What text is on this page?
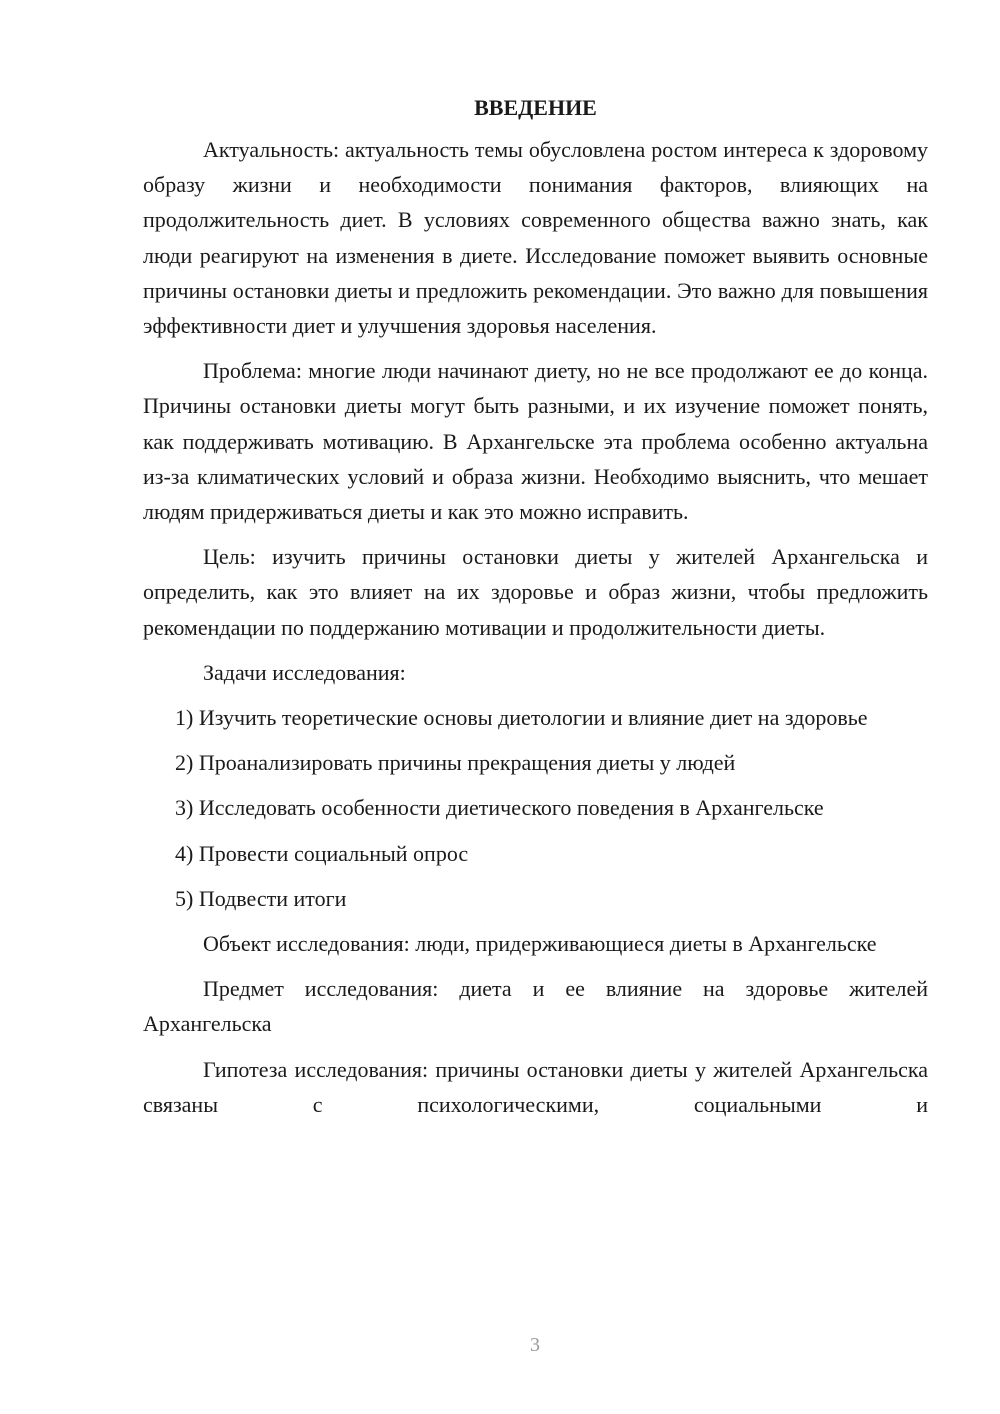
ВВЕДЕНИЕ

Актуальность: актуальность темы обусловлена ростом интереса к здоровому образу жизни и необходимости понимания факторов, влияющих на продолжительность диет. В условиях современного общества важно знать, как люди реагируют на изменения в диете. Исследование поможет выявить основные причины остановки диеты и предложить рекомендации. Это важно для повышения эффективности диет и улучшения здоровья населения.

Проблема: многие люди начинают диету, но не все продолжают ее до конца. Причины остановки диеты могут быть разными, и их изучение поможет понять, как поддерживать мотивацию. В Архангельске эта проблема особенно актуальна из-за климатических условий и образа жизни. Необходимо выяснить, что мешает людям придерживаться диеты и как это можно исправить.

Цель: изучить причины остановки диеты у жителей Архангельска и определить, как это влияет на их здоровье и образ жизни, чтобы предложить рекомендации по поддержанию мотивации и продолжительности диеты.

Задачи исследования:

1) Изучить теоретические основы диетологии и влияние диет на здоровье

2) Проанализировать причины прекращения диеты у людей

3) Исследовать особенности диетического поведения в Архангельске

4) Провести социальный опрос

5) Подвести итоги

Объект исследования: люди, придерживающиеся диеты в Архангельске

Предмет исследования: диета и ее влияние на здоровье жителей Архангельска

Гипотеза исследования: причины остановки диеты у жителей Архангельска связаны с психологическими, социальными и

3
